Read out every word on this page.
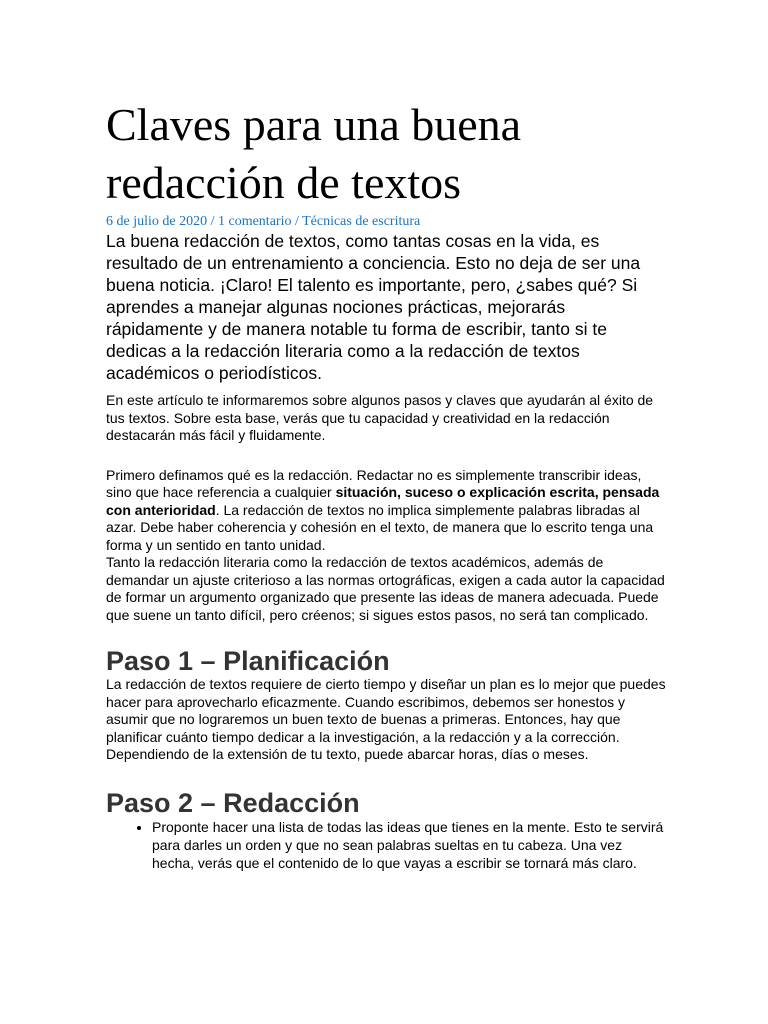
Claves para una buena
redacción de textos

6 de julio de 2020 / 1 comentario / Técnicas de escritura

La buena redacción de textos, como tantas cosas en la vida, es resultado de un entrenamiento a conciencia. Esto no deja de ser una buena noticia. ¡Claro! El talento es importante, pero, ¿sabes qué? Si aprendes a manejar algunas nociones prácticas, mejorarás rápidamente y de manera notable tu forma de escribir, tanto si te dedicas a la redacción literaria como a la redacción de textos académicos o periodísticos.

En este artículo te informaremos sobre algunos pasos y claves que ayudarán al éxito de tus textos. Sobre esta base, verás que tu capacidad y creatividad en la redacción destacarán más fácil y fluidamente.

Primero definamos qué es la redacción. Redactar no es simplemente transcribir ideas, sino que hace referencia a cualquier situación, suceso o explicación escrita, pensada con anterioridad. La redacción de textos no implica simplemente palabras libradas al azar. Debe haber coherencia y cohesión en el texto, de manera que lo escrito tenga una forma y un sentido en tanto unidad.

Tanto la redacción literaria como la redacción de textos académicos, además de demandar un ajuste criterioso a las normas ortográficas, exigen a cada autor la capacidad de formar un argumento organizado que presente las ideas de manera adecuada. Puede que suene un tanto difícil, pero créenos; si sigues estos pasos, no será tan complicado.

Paso 1 – Planificación

La redacción de textos requiere de cierto tiempo y diseñar un plan es lo mejor que puedes hacer para aprovecharlo eficazmente. Cuando escribimos, debemos ser honestos y asumir que no lograremos un buen texto de buenas a primeras. Entonces, hay que planificar cuánto tiempo dedicar a la investigación, a la redacción y a la corrección. Dependiendo de la extensión de tu texto, puede abarcar horas, días o meses.

Paso 2 – Redacción
• Proponte hacer una lista de todas las ideas que tienes en la mente. Esto te servirá para darles un orden y que no sean palabras sueltas en tu cabeza. Una vez hecha, verás que el contenido de lo que vayas a escribir se tornará más claro.
